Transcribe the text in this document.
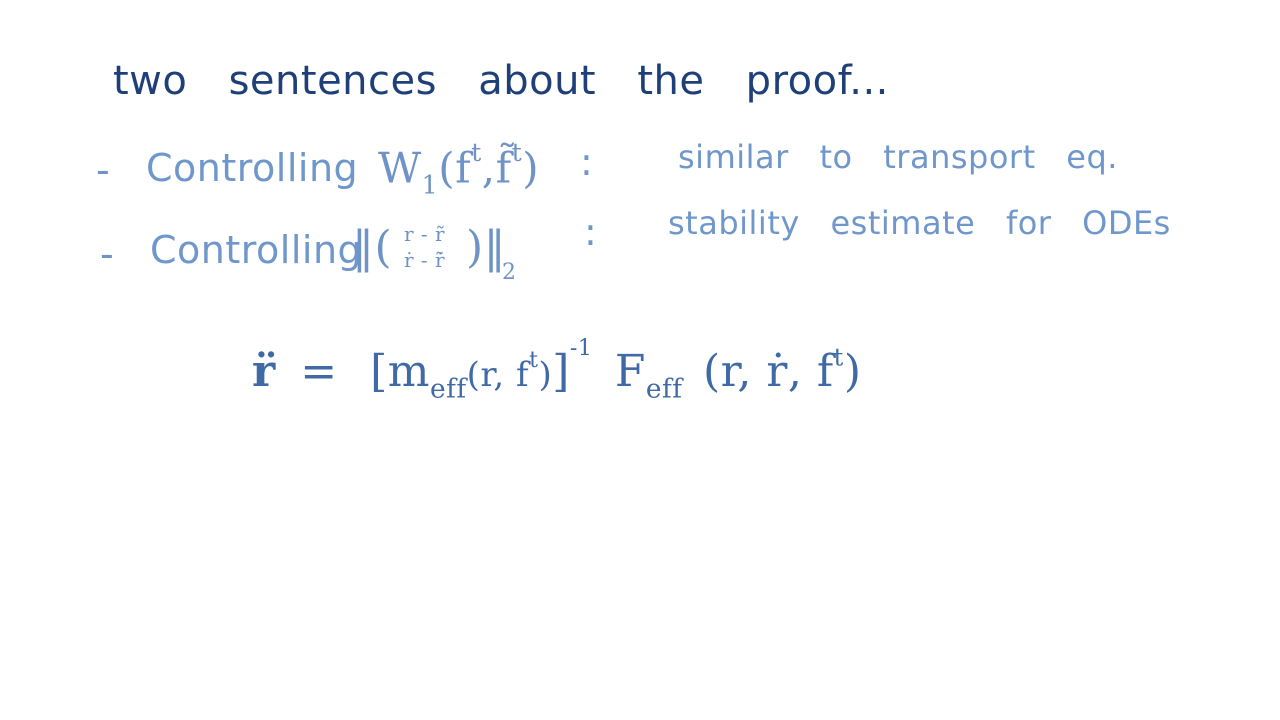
two sentences about the proof...
- Controlling $W_1(f^t,f̃^t)$ :	similar to transport eq.
- Controlling
‖( r - r̃
ṙ - ṙ̃ )‖
2
: stability estimate for ODEs
r̈ = [$m_{eff}(r$, $f^t)]^{-1}$ $F_{eff}$ (r, ṙ, $f^t$)
